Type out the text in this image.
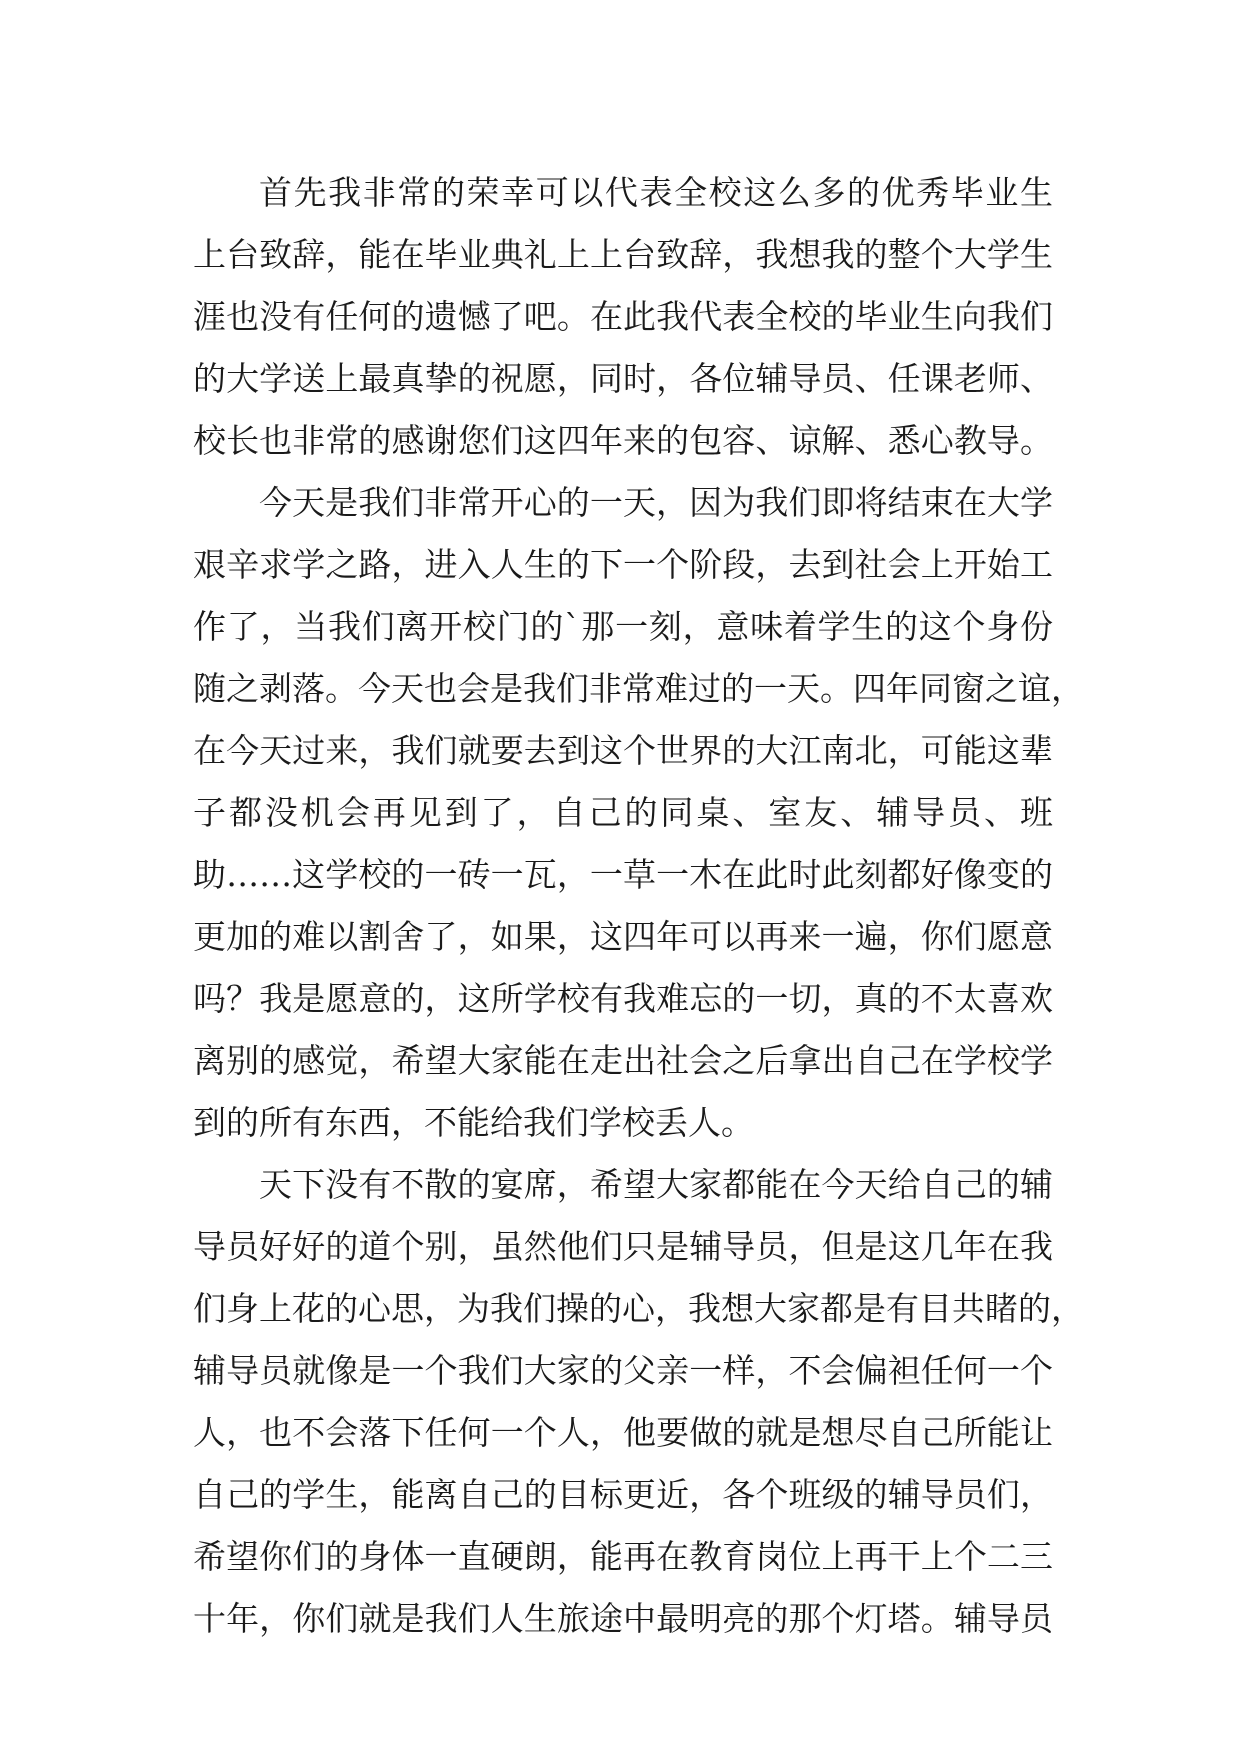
首先我非常的荣幸可以代表全校这么多的优秀毕业生
上台致辞，能在毕业典礼上上台致辞，我想我的整个大学生
涯也没有任何的遗憾了吧。在此我代表全校的毕业生向我们
的大学送上最真挚的祝愿，同时，各位辅导员、任课老师、
校长也非常的感谢您们这四年来的包容、谅解、悉心教导。
今天是我们非常开心的一天，因为我们即将结束在大学
艰辛求学之路，进入人生的下一个阶段，去到社会上开始工
作了，当我们离开校门的`那一刻，意味着学生的这个身份
随之剥落。今天也会是我们非常难过的一天。四年同窗之谊，
在今天过来，我们就要去到这个世界的大江南北，可能这辈
子都没机会再见到了，自己的同桌、室友、辅导员、班
助……这学校的一砖一瓦，一草一木在此时此刻都好像变的
更加的难以割舍了，如果，这四年可以再来一遍，你们愿意
吗？我是愿意的，这所学校有我难忘的一切，真的不太喜欢
离别的感觉，希望大家能在走出社会之后拿出自己在学校学
到的所有东西，不能给我们学校丢人。
天下没有不散的宴席，希望大家都能在今天给自己的辅
导员好好的道个别，虽然他们只是辅导员，但是这几年在我
们身上花的心思，为我们操的心，我想大家都是有目共睹的，
辅导员就像是一个我们大家的父亲一样，不会偏袒任何一个
人，也不会落下任何一个人，他要做的就是想尽自己所能让
自己的学生，能离自己的目标更近，各个班级的辅导员们，
希望你们的身体一直硬朗，能再在教育岗位上再干上个二三
十年，你们就是我们人生旅途中最明亮的那个灯塔。辅导员
